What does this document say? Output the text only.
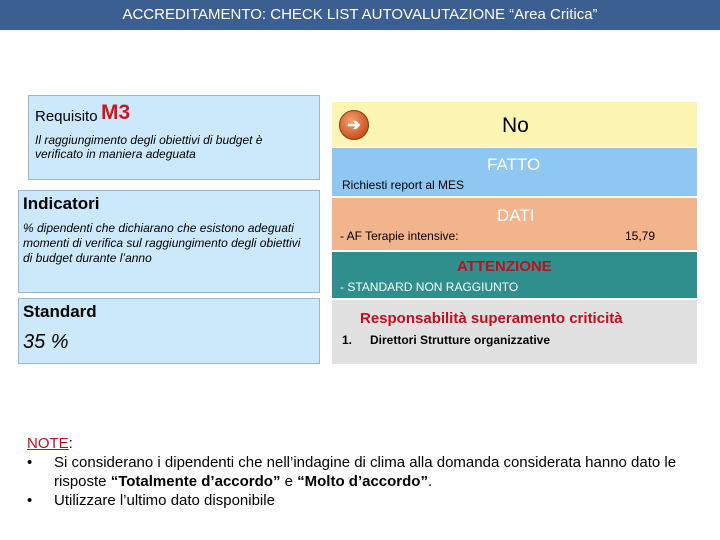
ACCREDITAMENTO: CHECK LIST AUTOVALUTAZIONE “Area Critica”
Requisito M3
Il raggiungimento degli obiettivi di budget è verificato in maniera adeguata
Indicatori
% dipendenti che dichiarano che esistono adeguati momenti di verifica sul raggiungimento degli obiettivi di budget durante l’anno
Standard
35 %
➔	No
FATTO
Richiesti report al MES
DATI
- AF Terapie intensive:	15,79
ATTENZIONE
- STANDARD NON RAGGIUNTO
Responsabilità superamento criticità
1. Direttori Strutture organizzative
NOTE:
• Si considerano i dipendenti che nell’indagine di clima alla domanda considerata hanno dato le risposte “Totalmente d’accordo” e “Molto d’accordo”.
• Utilizzare l’ultimo dato disponibile
